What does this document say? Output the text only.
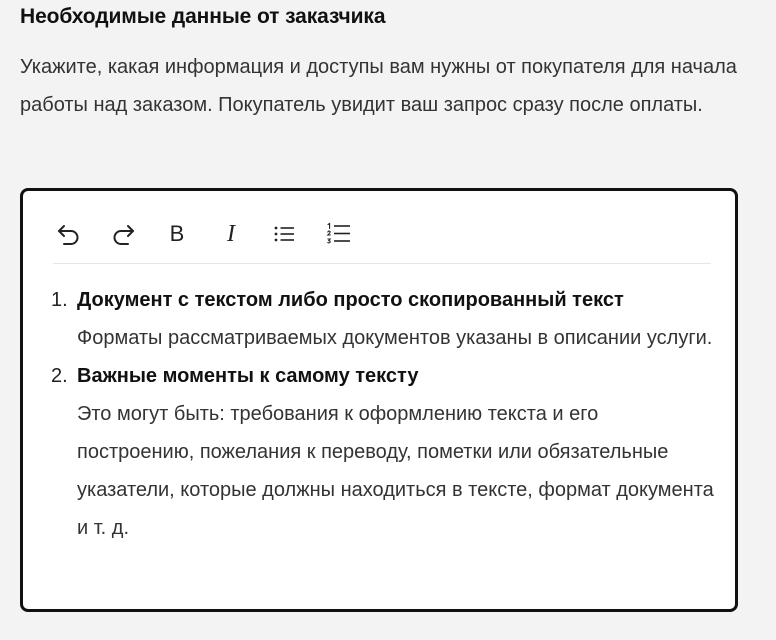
Необходимые данные от заказчика

Укажите, какая информация и доступы вам нужны от покупателя для начала работы над заказом. Покупатель увидит ваш запрос сразу после оплаты.

B I
1. Документ с текстом либо просто скопированный текст
Форматы рассматриваемых документов указаны в описании услуги.
2. Важные моменты к самому тексту
Это могут быть: требования к оформлению текста и его построению, пожелания к переводу, пометки или обязательные указатели, которые должны находиться в тексте, формат документа и т. д.
